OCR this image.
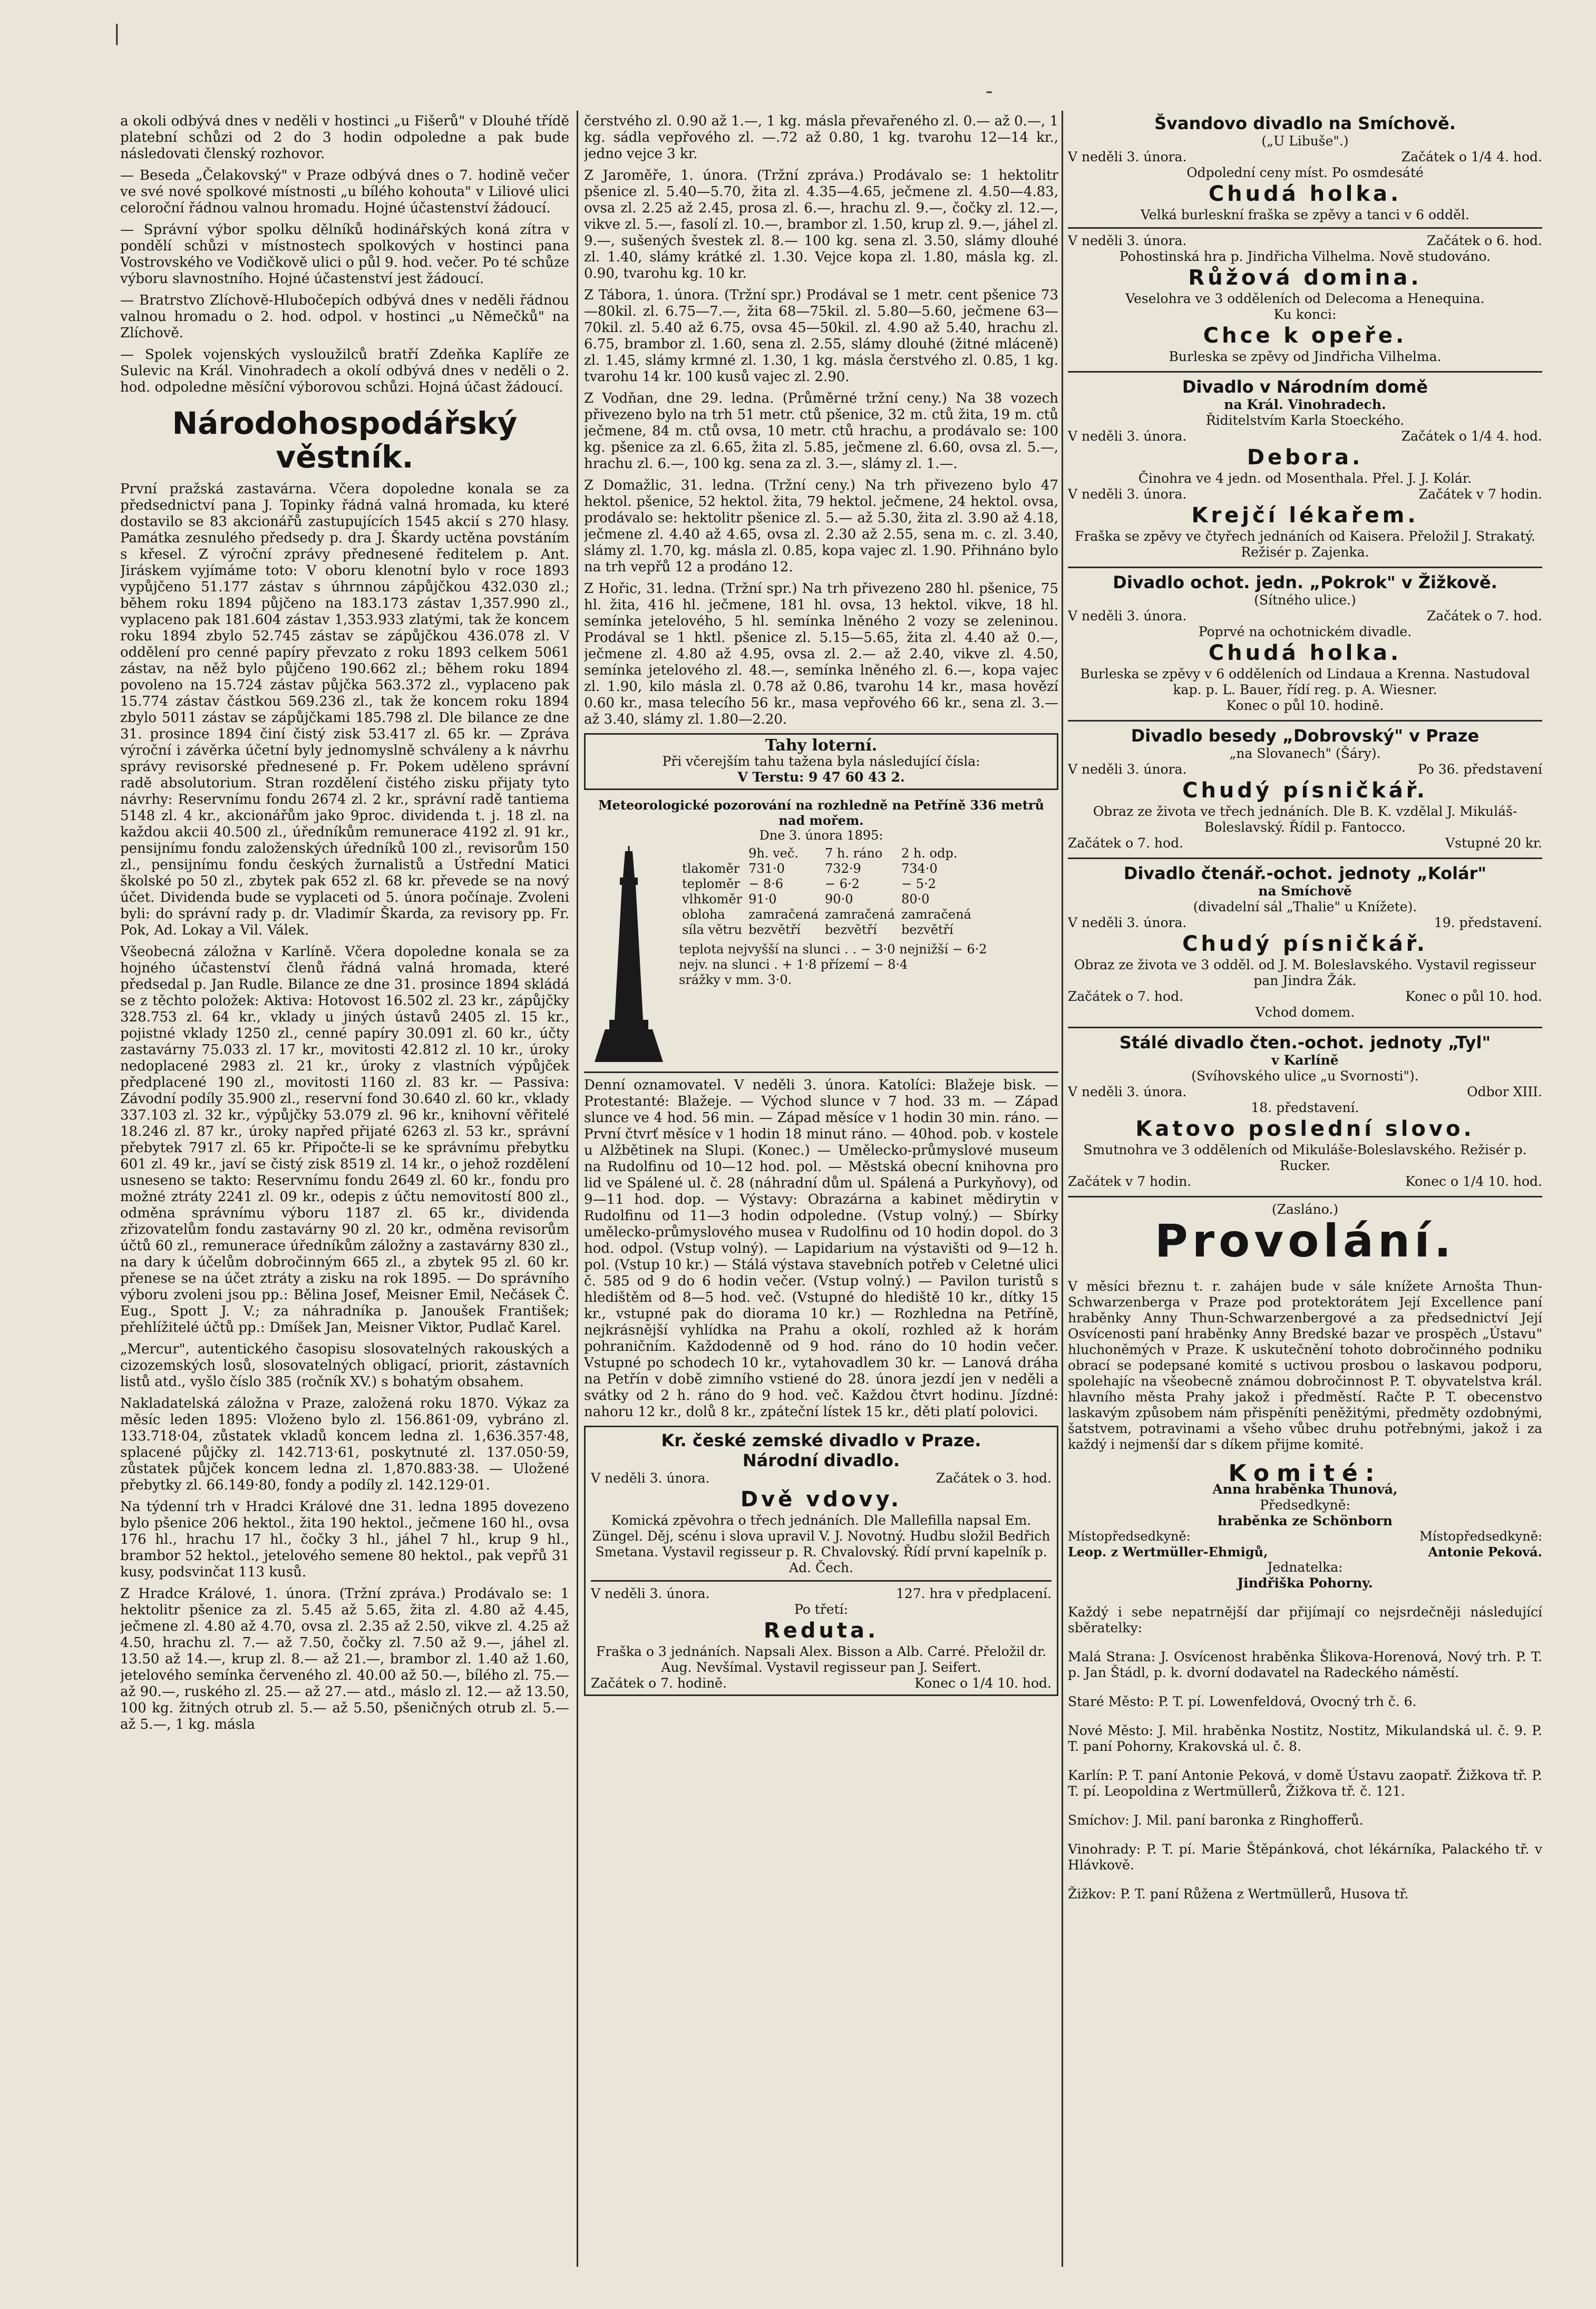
|
-

a okoli odbývá dnes v neděli v hostinci „u Fišerů" v Dlouhé třídě platební schůzi od 2 do 3 hodin odpoledne a pak bude následovati členský rozhovor.

— Beseda „Čelakovský" v Praze odbývá dnes o 7. hodině večer ve své nové spolkové místnosti „u bílého kohouta" v Liliové ulici celoroční řádnou valnou hromadu. Hojné účastenství žádoucí.

— Správní výbor spolku dělníků hodinářských koná zítra v pondělí schůzi v místnostech spolkových v hostinci pana Vostrovského ve Vodičkově ulici o půl 9. hod. večer. Po té schůze výboru slavnostního. Hojné účastenství jest žádoucí.

— Bratrstvo Zlíchově-Hlubočepích odbývá dnes v neděli řádnou valnou hromadu o 2. hod. odpol. v hostinci „u Němečků" na Zlíchově.

— Spolek vojenských vysloužilců bratří Zdeňka Kaplíře ze Sulevic na Král. Vinohradech a okolí odbývá dnes v neděli o 2. hod. odpoledne měsíční výborovou schůzi. Hojná účast žádoucí.

Národohospodářský věstník.

První pražská zastavárna. Včera dopoledne konala se za předsednictví pana J. Topinky řádná valná hromada, ku které dostavilo se 83 akcionářů zastupujících 1545 akcií s 270 hlasy. Památka zesnulého předsedy p. dra J. Škardy uctěna povstáním s křesel. Z výroční zprávy přednesené ředitelem p. Ant. Jiráskem vyjímáme toto: V oboru klenotní bylo v roce 1893 vypůjčeno 51.177 zástav s úhrnnou zápůjčkou 432.030 zl.; během roku 1894 půjčeno na 183.173 zástav 1,357.990 zl., vyplaceno pak 181.604 zástav 1,353.933 zlatými, tak že koncem roku 1894 zbylo 52.745 zástav se zápůjčkou 436.078 zl. V oddělení pro cenné papíry převzato z roku 1893 celkem 5061 zástav, na něž bylo půjčeno 190.662 zl.; během roku 1894 povoleno na 15.724 zástav půjčka 563.372 zl., vyplaceno pak 15.774 zástav částkou 569.236 zl., tak že koncem roku 1894 zbylo 5011 zástav se zápůjčkami 185.798 zl. Dle bilance ze dne 31. prosince 1894 činí čistý zisk 53.417 zl. 65 kr. — Zpráva výroční i závěrka účetní byly jednomyslně schváleny a k návrhu správy revisorské přednesené p. Fr. Pokem uděleno správní radě absolutorium. Stran rozdělení čistého zisku přijaty tyto návrhy: Reservnímu fondu 2674 zl. 2 kr., správní radě tantiema 5148 zl. 4 kr., akcionářům jako 9proc. dividenda t. j. 18 zl. na každou akcii 40.500 zl., úředníkům remunerace 4192 zl. 91 kr., pensijnímu fondu založenských úředníků 100 zl., revisorům 150 zl., pensijnímu fondu českých žurnalistů a Ústřední Matici školské po 50 zl., zbytek pak 652 zl. 68 kr. převede se na nový účet. Dividenda bude se vyplaceti od 5. února počínaje. Zvoleni byli: do správní rady p. dr. Vladimír Škarda, za revisory pp. Fr. Pok, Ad. Lokay a Vil. Válek.

Všeobecná záložna v Karlíně. Včera dopoledne konala se za hojného účastenství členů řádná valná hromada, které předsedal p. Jan Rudle. Bilance ze dne 31. prosince 1894 skládá se z těchto položek: Aktiva: Hotovost 16.502 zl. 23 kr., zápůjčky 328.753 zl. 64 kr., vklady u jiných ústavů 2405 zl. 15 kr., pojistné vklady 1250 zl., cenné papíry 30.091 zl. 60 kr., účty zastavárny 75.033 zl. 17 kr., movitosti 42.812 zl. 10 kr., úroky nedoplacené 2983 zl. 21 kr., úroky z vlastních výpůjček předplacené 190 zl., movitosti 1160 zl. 83 kr. — Passiva: Závodní podíly 35.900 zl., reservní fond 30.640 zl. 60 kr., vklady 337.103 zl. 32 kr., výpůjčky 53.079 zl. 96 kr., knihovní věřitelé 18.246 zl. 87 kr., úroky napřed přijaté 6263 zl. 53 kr., správní přebytek 7917 zl. 65 kr. Připočte-li se ke správnímu přebytku 601 zl. 49 kr., javí se čistý zisk 8519 zl. 14 kr., o jehož rozdělení usneseno se takto: Reservnímu fondu 2649 zl. 60 kr., fondu pro možné ztráty 2241 zl. 09 kr., odepis z účtu nemovitostí 800 zl., odměna správnímu výboru 1187 zl. 65 kr., dividenda zřizovatelům fondu zastavárny 90 zl. 20 kr., odměna revisorům účtů 60 zl., remunerace úředníkům záložny a zastavárny 830 zl., na dary k účelům dobročinným 665 zl., a zbytek 95 zl. 60 kr. přenese se na účet ztráty a zisku na rok 1895. — Do správního výboru zvoleni jsou pp.: Bělina Josef, Meisner Emil, Nečásek Č. Eug., Spott J. V.; za náhradníka p. Janoušek František; přehlížitelé účtů pp.: Dmíšek Jan, Meisner Viktor, Pudlač Karel.

„Mercur", autentického časopisu slosovatelných rakouských a cizozemských losů, slosovatelných obligací, priorit, zástavních listů atd., vyšlo číslo 385 (ročník XV.) s bohatým obsahem.

Nakladatelská záložna v Praze, založená roku 1870. Výkaz za měsíc leden 1895: Vloženo bylo zl. 156.861·09, vybráno zl. 133.718·04, zůstatek vkladů koncem ledna zl. 1,636.357·48, splacené půjčky zl. 142.713·61, poskytnuté zl. 137.050·59, zůstatek půjček koncem ledna zl. 1,870.883·38. — Uložené přebytky zl. 66.149·80, fondy a podíly zl. 142.129·01.

Na týdenní trh v Hradci Králové dne 31. ledna 1895 dovezeno bylo pšenice 206 hektol., žita 190 hektol., ječmene 160 hl., ovsa 176 hl., hrachu 17 hl., čočky 3 hl., jáhel 7 hl., krup 9 hl., brambor 52 hektol., jetelového semene 80 hektol., pak vepřů 31 kusy, podsvinčat 113 kusů.

Z Hradce Králové, 1. února. (Tržní zpráva.) Prodávalo se: 1 hektolitr pšenice za zl. 5.45 až 5.65, žita zl. 4.80 až 4.45, ječmene zl. 4.80 až 4.70, ovsa zl. 2.35 až 2.50, vikve zl. 4.25 až 4.50, hrachu zl. 7.— až 7.50, čočky zl. 7.50 až 9.—, jáhel zl. 13.50 až 14.—, krup zl. 8.— až 21.—, brambor zl. 1.40 až 1.60, jetelového semínka červeného zl. 40.00 až 50.—, bílého zl. 75.— až 90.—, ruského zl. 25.— až 27.— atd., máslo zl. 12.— až 13.50, 100 kg. žitných otrub zl. 5.— až 5.50, pšeničných otrub zl. 5.— až 5.—, 1 kg. másla

čerstvého zl. 0.90 až 1.—, 1 kg. másla převařeného zl. 0.— až 0.—, 1 kg. sádla vepřového zl. —.72 až 0.80, 1 kg. tvarohu 12—14 kr., jedno vejce 3 kr.

Z Jaroměře, 1. února. (Tržní zpráva.) Prodávalo se: 1 hektolitr pšenice zl. 5.40—5.70, žita zl. 4.35—4.65, ječmene zl. 4.50—4.83, ovsa zl. 2.25 až 2.45, prosa zl. 6.—, hrachu zl. 9.—, čočky zl. 12.—, vikve zl. 5.—, fasolí zl. 10.—, brambor zl. 1.50, krup zl. 9.—, jáhel zl. 9.—, sušených švestek zl. 8.— 100 kg. sena zl. 3.50, slámy dlouhé zl. 1.40, slámy krátké zl. 1.30. Vejce kopa zl. 1.80, másla kg. zl. 0.90, tvarohu kg. 10 kr.

Z Tábora, 1. února. (Tržní spr.) Prodával se 1 metr. cent pšenice 73—80kil. zl. 6.75—7.—, žita 68—75kil. zl. 5.80—5.60, ječmene 63—70kil. zl. 5.40 až 6.75, ovsa 45—50kil. zl. 4.90 až 5.40, hrachu zl. 6.75, brambor zl. 1.60, sena zl. 2.55, slámy dlouhé (žitné mláceně) zl. 1.45, slámy krmné zl. 1.30, 1 kg. másla čerstvého zl. 0.85, 1 kg. tvarohu 14 kr. 100 kusů vajec zl. 2.90.

Z Vodňan, dne 29. ledna. (Průměrné tržní ceny.) Na 38 vozech přivezeno bylo na trh 51 metr. ctů pšenice, 32 m. ctů žita, 19 m. ctů ječmene, 84 m. ctů ovsa, 10 metr. ctů hrachu, a prodávalo se: 100 kg. pšenice za zl. 6.65, žita zl. 5.85, ječmene zl. 6.60, ovsa zl. 5.—, hrachu zl. 6.—, 100 kg. sena za zl. 3.—, slámy zl. 1.—.

Z Domažlic, 31. ledna. (Tržní ceny.) Na trh přivezeno bylo 47 hektol. pšenice, 52 hektol. žita, 79 hektol. ječmene, 24 hektol. ovsa, prodávalo se: hektolitr pšenice zl. 5.— až 5.30, žita zl. 3.90 až 4.18, ječmene zl. 4.40 až 4.65, ovsa zl. 2.30 až 2.55, sena m. c. zl. 3.40, slámy zl. 1.70, kg. másla zl. 0.85, kopa vajec zl. 1.90. Přihnáno bylo na trh vepřů 12 a prodáno 12.

Z Hořic, 31. ledna. (Tržní spr.) Na trh přivezeno 280 hl. pšenice, 75 hl. žita, 416 hl. ječmene, 181 hl. ovsa, 13 hektol. vikve, 18 hl. semínka jetelového, 5 hl. semínka lněného 2 vozy se zeleninou. Prodával se 1 hktl. pšenice zl. 5.15—5.65, žita zl. 4.40 až 0.—, ječmene zl. 4.80 až 4.95, ovsa zl. 2.— až 2.40, vikve zl. 4.50, semínka jetelového zl. 48.—, semínka lněného zl. 6.—, kopa vajec zl. 1.90, kilo másla zl. 0.78 až 0.86, tvarohu 14 kr., masa hovězí 0.60 kr., masa telecího 56 kr., masa vepřového 66 kr., sena zl. 3.— až 3.40, slámy zl. 1.80—2.20.

Tahy loterní.
Při včerejším tahu tažena byla následující čísla:
V Terstu: 9 47 60 43 2.
Meteorologické pozorování na rozhledně na Petříně 336 metrů nad mořem.
Dne 3. února 1895:
	9h. več.	7 h. ráno	2 h. odp.
tlakoměr	731·0	732·9	734·0
teploměr	− 8·6	− 6·2	− 5·2
vlhkoměr	91·0	90·0	80·0
obloha	zamračená	zamračená	zamračená
síla větru	bezvětří	bezvětří	bezvětří
teplota nejvyšší na slunci . . − 3·0 nejnižší − 6·2
nejv. na slunci . + 1·8 přízemí − 8·4
srážky v mm. 3·0.

Denní oznamovatel. V neděli 3. února. Katolíci: Blažeje bisk. — Protestanté: Blažeje. — Východ slunce v 7 hod. 33 m. — Západ slunce ve 4 hod. 56 min. — Západ měsíce v 1 hodin 30 min. ráno. — První čtvrť měsíce v 1 hodin 18 minut ráno. — 40hod. pob. v kostele u Alžbětinek na Slupi. (Konec.) — Umělecko-průmyslové museum na Rudolfinu od 10—12 hod. pol. — Městská obecní knihovna pro lid ve Spálené ul. č. 28 (náhradní dům ul. Spálená a Purkyňovy), od 9—11 hod. dop. — Výstavy: Obrazárna a kabinet mědirytin v Rudolfinu od 11—3 hodin odpoledne. (Vstup volný.) — Sbírky umělecko-průmyslového musea v Rudolfinu od 10 hodin dopol. do 3 hod. odpol. (Vstup volný). — Lapidarium na výstavišti od 9—12 h. pol. (Vstup 10 kr.) — Stálá výstava stavebních potřeb v Celetné ulici č. 585 od 9 do 6 hodin večer. (Vstup volný.) — Pavilon turistů s hledištěm od 8—5 hod. več. (Vstupné do hlediště 10 kr., dítky 15 kr., vstupné pak do diorama 10 kr.) — Rozhledna na Petříně, nejkrásnější vyhlídka na Prahu a okolí, rozhled až k horám pohraničním. Každodenně od 9 hod. ráno do 10 hodin večer. Vstupné po schodech 10 kr., vytahovadlem 30 kr. — Lanová dráha na Petřín v době zimního vstiené do 28. února jezdí jen v neděli a svátky od 2 h. ráno do 9 hod. več. Každou čtvrt hodinu. Jízdné: nahoru 12 kr., dolů 8 kr., zpáteční lístek 15 kr., děti platí polovici.

Kr. české zemské divadlo v Praze.
Národní divadlo.
V neděli 3. února.	Začátek o 3. hod.
Dvě vdovy.
Komická zpěvohra o třech jednáních. Dle Mallefilla napsal Em. Züngel. Děj, scénu i slova upravil V. J. Novotný. Hudbu složil Bedřich Smetana. Vystavil regisseur p. R. Chvalovský. Řídí první kapelník p. Ad. Čech.
V neděli 3. února.	127. hra v předplacení.
Po třetí:
Reduta.
Fraška o 3 jednáních. Napsali Alex. Bisson a Alb. Carré. Přeložil dr. Aug. Nevšímal. Vystavil regisseur pan J. Seifert.
Začátek o 7. hodině.	Konec o 1/4 10. hod.
Švandovo divadlo na Smíchově.
(„U Libuše".)
V neděli 3. února.	Začátek o 1/4 4. hod.
Odpolední ceny míst. Po osmdesáté
Chudá holka.
Velká burleskní fraška se zpěvy a tanci v 6 odděl.
V neděli 3. února.	Začátek o 6. hod.
Pohostinská hra p. Jindřicha Vilhelma. Nově studováno.
Růžová domina.
Veselohra ve 3 odděleních od Delecoma a Henequina.
Ku konci:
Chce k opeře.
Burleska se zpěvy od Jindřicha Vilhelma.
Divadlo v Národním domě
na Král. Vinohradech.
Řiditelstvím Karla Stoeckého.
V neděli 3. února.	Začátek o 1/4 4. hod.
Debora.
Činohra ve 4 jedn. od Mosenthala. Přel. J. J. Kolár.
V neděli 3. února.	Začátek v 7 hodin.
Krejčí lékařem.
Fraška se zpěvy ve čtyřech jednáních od Kaisera. Přeložil J. Strakatý. Režisér p. Zajenka.
Divadlo ochot. jedn. „Pokrok" v Žižkově.
(Sítného ulice.)
V neděli 3. února.	Začátek o 7. hod.
Poprvé na ochotnickém divadle.
Chudá holka.
Burleska se zpěvy v 6 odděleních od Lindaua a Krenna. Nastudoval kap. p. L. Bauer, řídí reg. p. A. Wiesner.
Konec o půl 10. hodině.
Divadlo besedy „Dobrovský" v Praze
„na Slovanech" (Šáry).
V neděli 3. února.	Po 36. představení
Chudý písničkář.
Obraz ze života ve třech jednáních. Dle B. K. vzdělal J. Mikuláš-Boleslavský. Řídil p. Fantocco.
Začátek o 7. hod.	Vstupné 20 kr.
Divadlo čtenář.-ochot. jednoty „Kolár"
na Smíchově
(divadelní sál „Thalie" u Knížete).
V neděli 3. února.	19. představení.
Chudý písničkář.
Obraz ze života ve 3 odděl. od J. M. Boleslavského. Vystavil regisseur pan Jindra Žák.
Začátek o 7. hod.	Konec o půl 10. hod.
Vchod domem.
Stálé divadlo čten.-ochot. jednoty „Tyl"
v Karlíně
(Svíhovského ulice „u Svornosti").
V neděli 3. února.	Odbor XIII.
18. představení.
Katovo poslední slovo.
Smutnohra ve 3 odděleních od Mikuláše-Boleslavského. Režisér p. Rucker.
Začátek v 7 hodin.	Konec o 1/4 10. hod.
(Zasláno.)
Provolání.

V měsíci březnu t. r. zahájen bude v sále knížete Arnošta Thun-Schwarzenberga v Praze pod protektorátem Její Excellence paní hraběnky Anny Thun-Schwarzenbergové a za předsednictví Její Osvícenosti paní hraběnky Anny Bredské bazar ve prospěch „Ústavu" hluchoněmých v Praze. K uskutečnění tohoto dobročinného podniku obrací se podepsané komité s uctivou prosbou o laskavou podporu, spolehajíc na všeobecně známou dobročinnost P. T. obyvatelstva král. hlavního města Prahy jakož i předměstí. Račte P. T. obecenstvo laskavým způsobem nám přispěníti peněžitými, předměty ozdobnými, šatstvem, potravinami a všeho vůbec druhu potřebnými, jakož i za každý i nejmenší dar s díkem přijme komité.

Komité:
Anna hraběnka Thunová,
Předsedkyně:
hraběnka ze Schönborn
Místopředsedkyně:	Místopředsedkyně:
Leop. z Wertmüller-Ehmigů,	Antonie Peková.
Jednatelka:
Jindřiška Pohorny.

Každý i sebe nepatrnější dar přijímají co nejsrdečněji následující sběratelky:

Malá Strana: J. Osvícenost hraběnka Šlikova-Horenová, Nový trh. P. T. p. Jan Štádl, p. k. dvorní dodavatel na Radeckého náměstí.

Staré Město: P. T. pí. Lowenfeldová, Ovocný trh č. 6.

Nové Město: J. Mil. hraběnka Nostitz, Nostitz, Mikulandská ul. č. 9. P. T. paní Pohorny, Krakovská ul. č. 8.

Karlín: P. T. paní Antonie Peková, v domě Ústavu zaopatř. Žižkova tř. P. T. pí. Leopoldina z Wertmüllerů, Žižkova tř. č. 121.

Smíchov: J. Mil. paní baronka z Ringhofferů.

Vinohrady: P. T. pí. Marie Štěpánková, chot lékárníka, Palackého tř. v Hlávkově.

Žižkov: P. T. paní Růžena z Wertmüllerů, Husova tř.
